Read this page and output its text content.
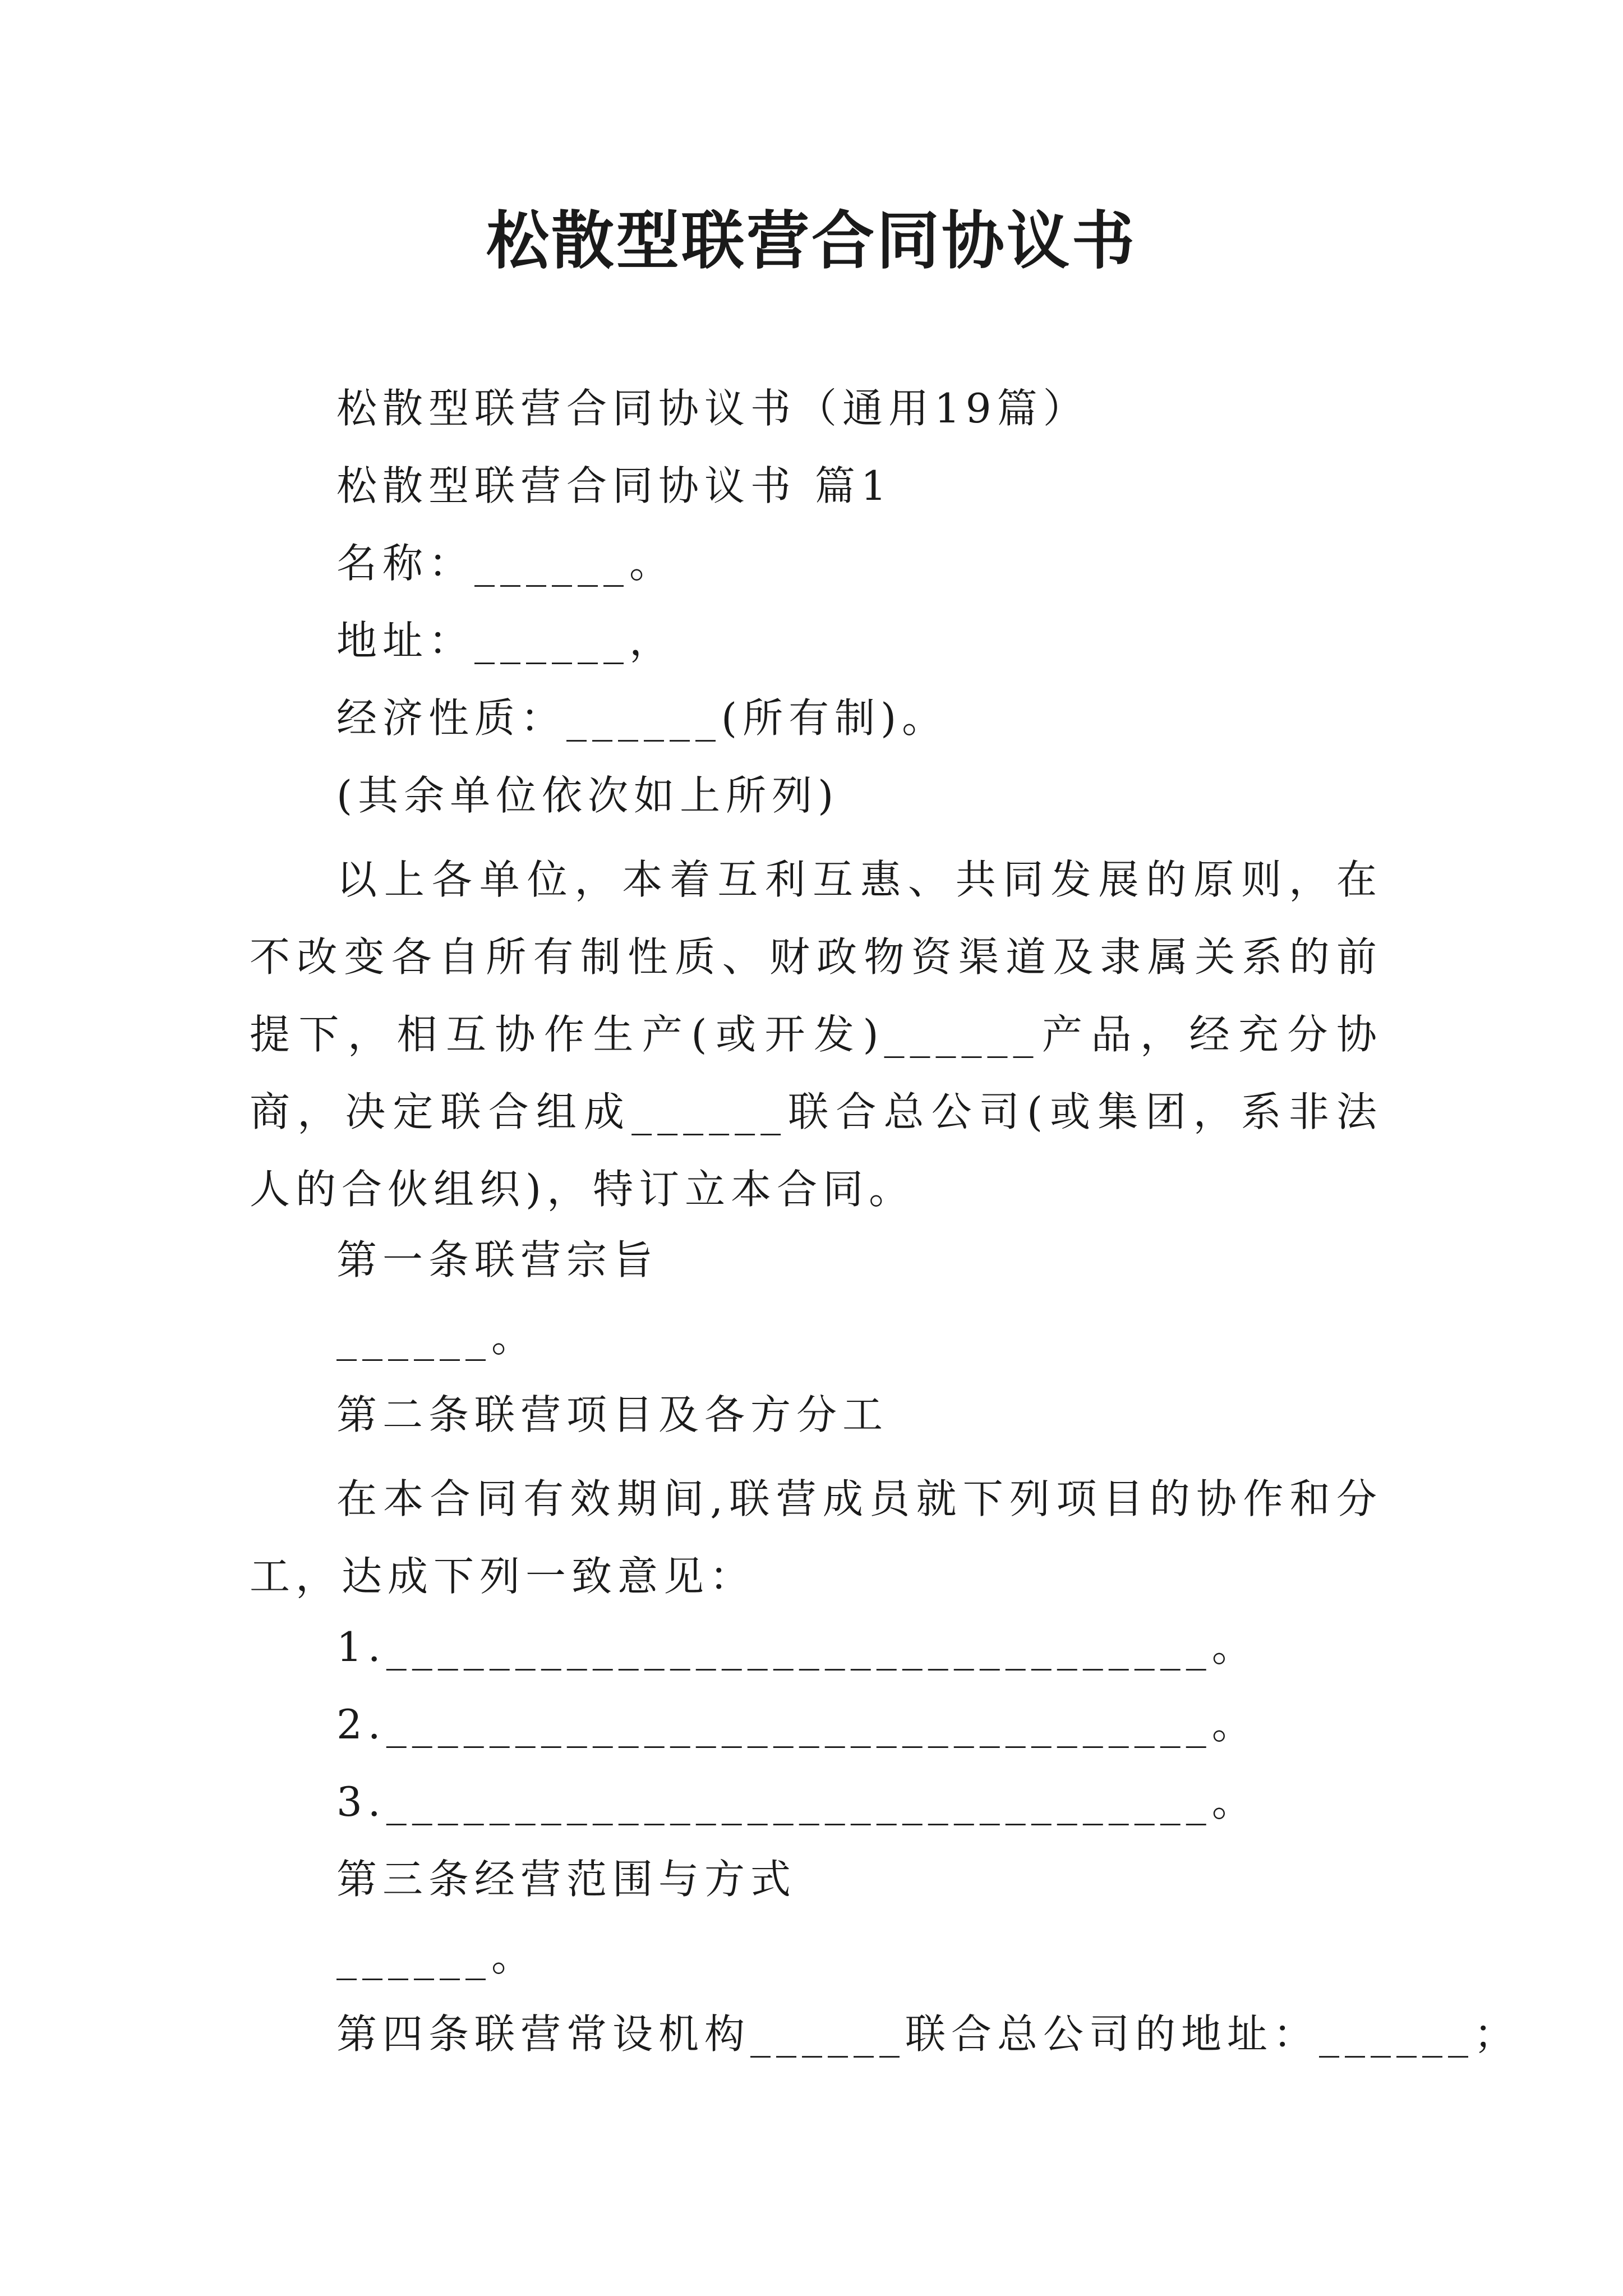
松散型联营合同协议书
松散型联营合同协议书（通用19篇）
松散型联营合同协议书 篇1
名称：______。
地址：______，
经济性质：______(所有制)。
(其余单位依次如上所列)

以上各单位，本着互利互惠、共同发展的原则，在不改变各自所有制性质、财政物资渠道及隶属关系的前提下，相互协作生产(或开发)______产品，经充分协商，决定联合组成______联合总公司(或集团，系非法人的合伙组织)，特订立本合同。

第一条联营宗旨
______。
第二条联营项目及各方分工

在本合同有效期间,联营成员就下列项目的协作和分工，达成下列一致意见：

1.________________________________。
2.________________________________。
3.________________________________。
第三条经营范围与方式
______。
第四条联营常设机构______联合总公司的地址：______；
